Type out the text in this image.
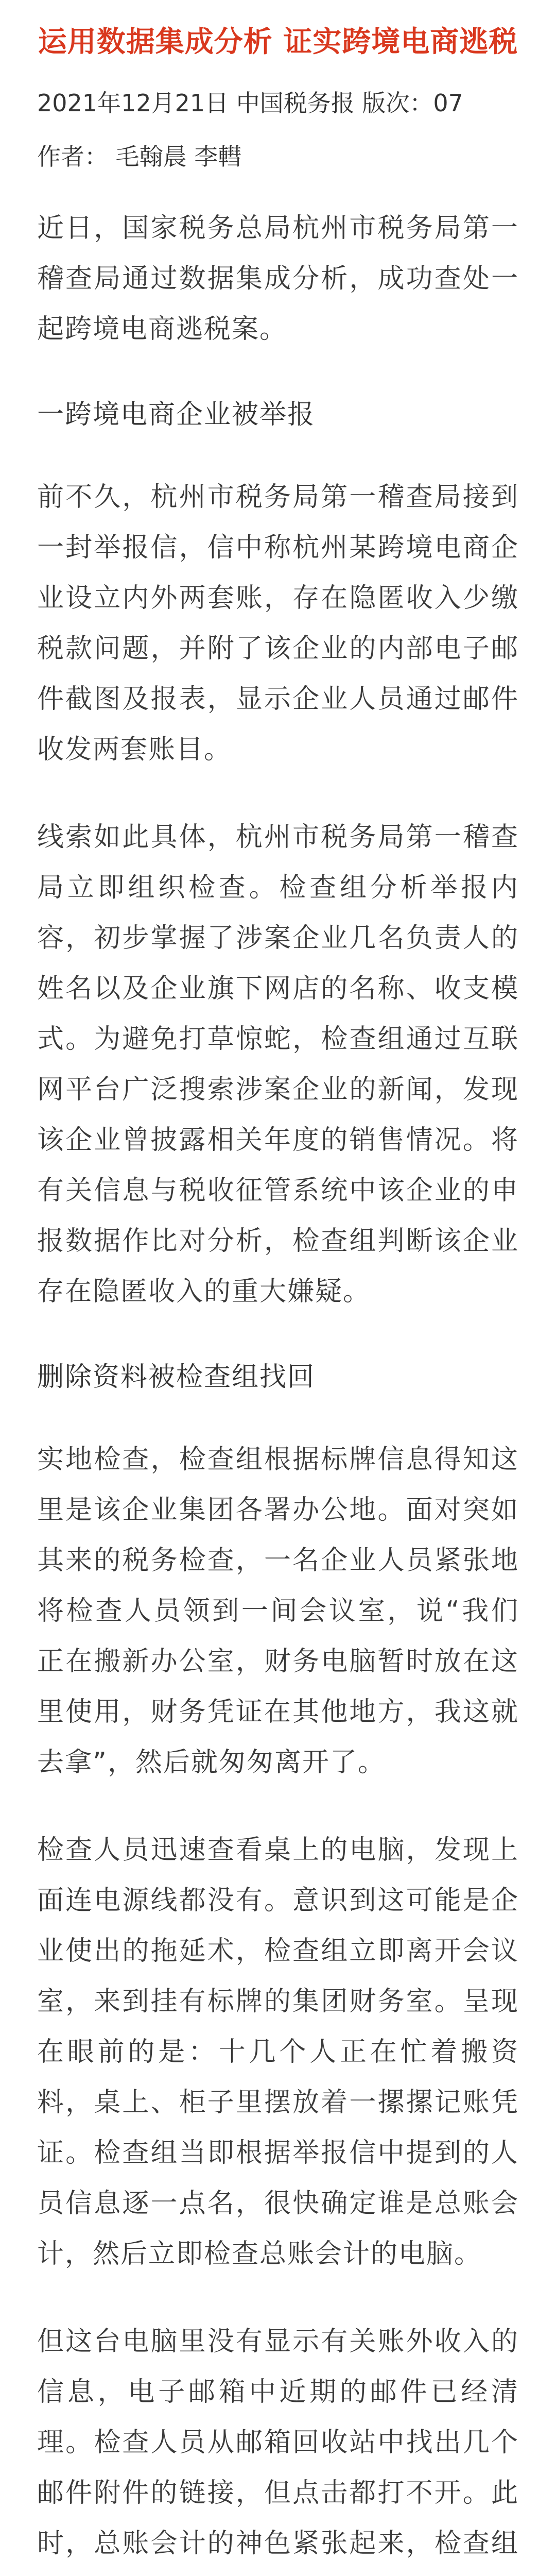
运用数据集成分析 证实跨境电商逃税
2021年12月21日 中国税务报 版次：07
作者： 毛翰晨 李轊

近日，国家税务总局杭州市税务局第一稽查局通过数据集成分析，成功查处一起跨境电商逃税案。

一跨境电商企业被举报

前不久，杭州市税务局第一稽查局接到一封举报信，信中称杭州某跨境电商企业设立内外两套账，存在隐匿收入少缴税款问题，并附了该企业的内部电子邮件截图及报表，显示企业人员通过邮件收发两套账目。

线索如此具体，杭州市税务局第一稽查局立即组织检查。检查组分析举报内容，初步掌握了涉案企业几名负责人的姓名以及企业旗下网店的名称、收支模式。为避免打草惊蛇，检查组通过互联网平台广泛搜索涉案企业的新闻，发现该企业曾披露相关年度的销售情况。将有关信息与税收征管系统中该企业的申报数据作比对分析，检查组判断该企业存在隐匿收入的重大嫌疑。

删除资料被检查组找回

实地检查，检查组根据标牌信息得知这里是该企业集团各署办公地。面对突如其来的税务检查，一名企业人员紧张地将检查人员领到一间会议室，说“我们正在搬新办公室，财务电脑暂时放在这里使用，财务凭证在其他地方，我这就去拿”，然后就匆匆离开了。

检查人员迅速查看桌上的电脑，发现上面连电源线都没有。意识到这可能是企业使出的拖延术，检查组立即离开会议室，来到挂有标牌的集团财务室。呈现在眼前的是：十几个人正在忙着搬资料，桌上、柜子里摆放着一摞摞记账凭证。检查组当即根据举报信中提到的人员信息逐一点名，很快确定谁是总账会计，然后立即检查总账会计的电脑。

但这台电脑里没有显示有关账外收入的信息，电子邮箱中近期的邮件已经清理。检查人员从邮箱回收站中找出几个邮件附件的链接，但点击都打不开。此时，总账会计的神色紧张起来，检查组
